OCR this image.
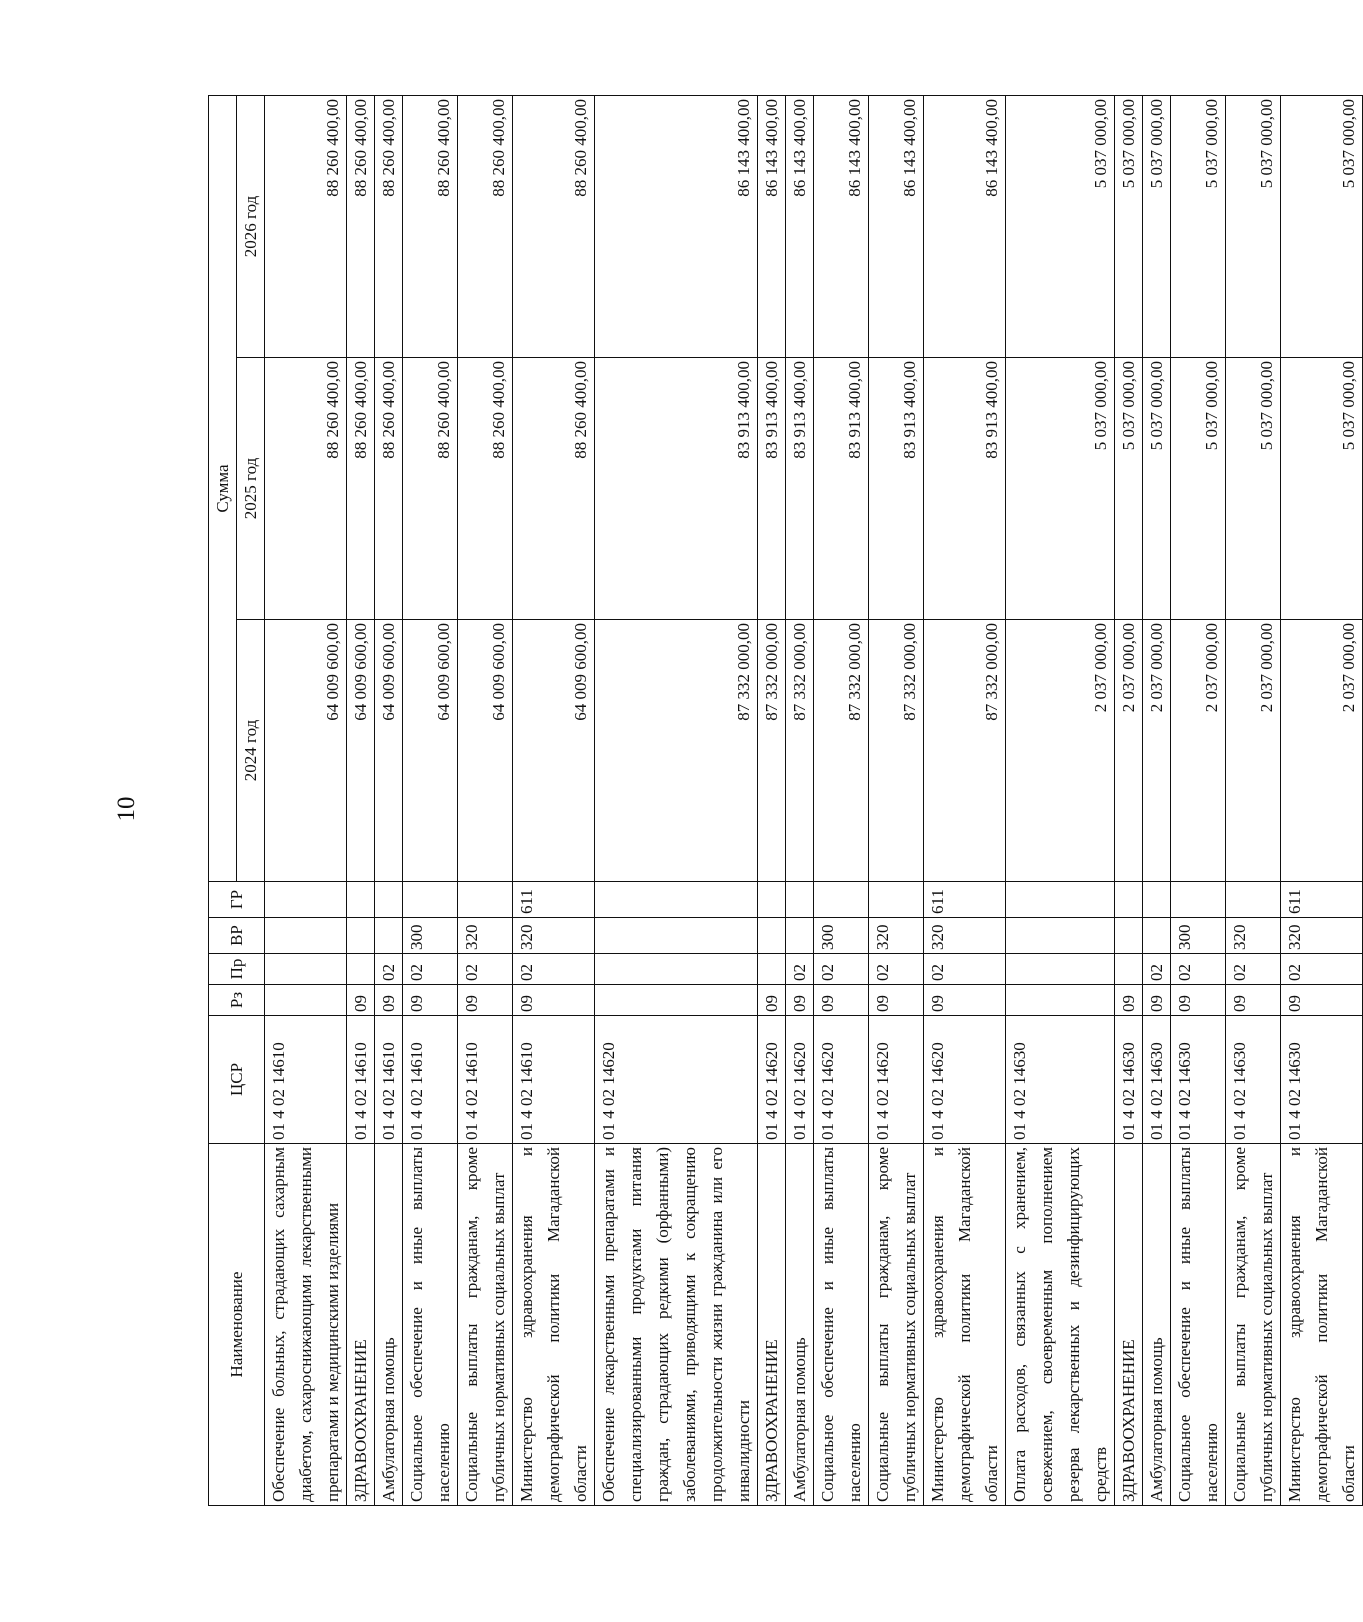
10
Наименование	ЦСР	Рз	Пр	ВР	ГР	Сумма		
						2024 год	2025 год	2026 год
Обеспечение больных, страдающих сахарным диабетом, сахароснижающими лекарственными препаратами и медицинскими изделиями	01 4 02 14610					64 009 600,00	88 260 400,00	88 260 400,00
ЗДРАВООХРАНЕНИЕ	01 4 02 14610	09				64 009 600,00	88 260 400,00	88 260 400,00
Амбулаторная помощь	01 4 02 14610	09	02			64 009 600,00	88 260 400,00	88 260 400,00
Социальное обеспечение и иные выплаты населению	01 4 02 14610	09	02	300		64 009 600,00	88 260 400,00	88 260 400,00
Социальные выплаты гражданам, кроме публичных нормативных социальных выплат	01 4 02 14610	09	02	320		64 009 600,00	88 260 400,00	88 260 400,00
Министерство здравоохранения и демографической политики Магаданской области	01 4 02 14610	09	02	320	611	64 009 600,00	88 260 400,00	88 260 400,00
Обеспечение лекарственными препаратами и специализированными продуктами питания граждан, страдающих редкими (орфанными) заболеваниями, приводящими к сокращению продолжительности жизни гражданина или его инвалидности	01 4 02 14620					87 332 000,00	83 913 400,00	86 143 400,00
ЗДРАВООХРАНЕНИЕ	01 4 02 14620	09				87 332 000,00	83 913 400,00	86 143 400,00
Амбулаторная помощь	01 4 02 14620	09	02			87 332 000,00	83 913 400,00	86 143 400,00
Социальное обеспечение и иные выплаты населению	01 4 02 14620	09	02	300		87 332 000,00	83 913 400,00	86 143 400,00
Социальные выплаты гражданам, кроме публичных нормативных социальных выплат	01 4 02 14620	09	02	320		87 332 000,00	83 913 400,00	86 143 400,00
Министерство здравоохранения и демографической политики Магаданской области	01 4 02 14620	09	02	320	611	87 332 000,00	83 913 400,00	86 143 400,00
Оплата расходов, связанных с хранением, освежением, своевременным пополнением резерва лекарственных и дезинфицирующих средств	01 4 02 14630					2 037 000,00	5 037 000,00	5 037 000,00
ЗДРАВООХРАНЕНИЕ	01 4 02 14630	09				2 037 000,00	5 037 000,00	5 037 000,00
Амбулаторная помощь	01 4 02 14630	09	02			2 037 000,00	5 037 000,00	5 037 000,00
Социальное обеспечение и иные выплаты населению	01 4 02 14630	09	02	300		2 037 000,00	5 037 000,00	5 037 000,00
Социальные выплаты гражданам, кроме публичных нормативных социальных выплат	01 4 02 14630	09	02	320		2 037 000,00	5 037 000,00	5 037 000,00
Министерство здравоохранения и демографической политики Магаданской области	01 4 02 14630	09	02	320	611	2 037 000,00	5 037 000,00	5 037 000,00
